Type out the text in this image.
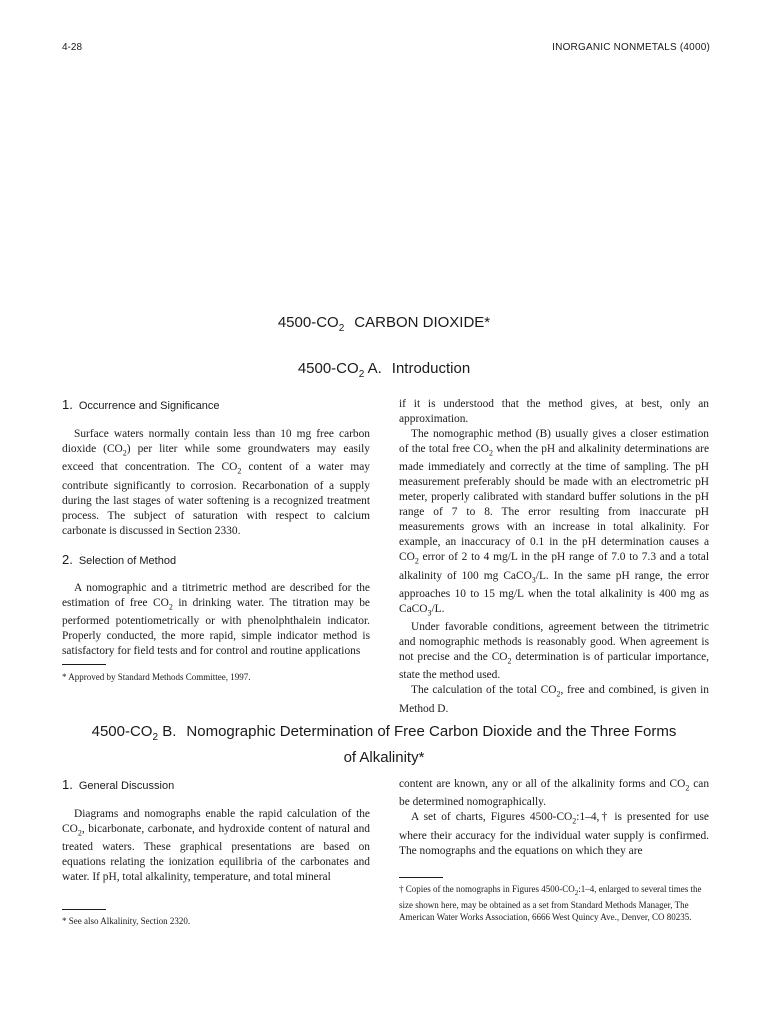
4-28	INORGANIC NONMETALS (4000)
$4500-CO_2$ CARBON DIOXIDE*
$4500-CO_2$ A. Introduction
1. Occurrence and Significance

Surface waters normally contain less than 10 mg free carbon dioxide $(CO_2)$ per liter while some groundwaters may easily exceed that concentration. The $CO_2$ content of a water may contribute significantly to corrosion. Recarbonation of a supply during the last stages of water softening is a recognized treatment process. The subject of saturation with respect to calcium carbonate is discussed in Section 2330.

2. Selection of Method

A nomographic and a titrimetric method are described for the estimation of free $CO_2$ in drinking water. The titration may be performed potentiometrically or with phenolphthalein indicator. Properly conducted, the more rapid, simple indicator method is satisfactory for field tests and for control and routine applications

* Approved by Standard Methods Committee, 1997.

if it is understood that the method gives, at best, only an approximation.

The nomographic method (B) usually gives a closer estimation of the total free $CO_2$ when the pH and alkalinity determinations are made immediately and correctly at the time of sampling. The pH measurement preferably should be made with an electrometric pH meter, properly calibrated with standard buffer solutions in the pH range of 7 to 8. The error resulting from inaccurate pH measurements grows with an increase in total alkalinity. For example, an inaccuracy of 0.1 in the pH determination causes a $CO_2$ error of 2 to 4 mg/L in the pH range of 7.0 to 7.3 and a total alkalinity of 100 mg CaCO$_3$/L. In the same pH range, the error approaches 10 to 15 mg/L when the total alkalinity is 400 mg as CaCO$_3$/L.

Under favorable conditions, agreement between the titrimetric and nomographic methods is reasonably good. When agreement is not precise and the $CO_2$ determination is of particular importance, state the method used.

The calculation of the total $CO_2$, free and combined, is given in Method D.

$4500-CO_2$ B. Nomographic Determination of Free Carbon Dioxide and the Three Forms
of Alkalinity*
1. General Discussion

Diagrams and nomographs enable the rapid calculation of the $CO_2$, bicarbonate, carbonate, and hydroxide content of natural and treated waters. These graphical presentations are based on equations relating the ionization equilibria of the carbonates and water. If pH, total alkalinity, temperature, and total mineral

* See also Alkalinity, Section 2320.

content are known, any or all of the alkalinity forms and $CO_2$ can be determined nomographically.

A set of charts, Figures $4500-CO_2:1-4,\dagger$ is presented for use where their accuracy for the individual water supply is confirmed. The nomographs and the equations on which they are

† Copies of the nomographs in Figures $4500-CO_2:1-4$, enlarged to several times the size shown here, may be obtained as a set from Standard Methods Manager, The American Water Works Association, 6666 West Quincy Ave., Denver, CO 80235.
